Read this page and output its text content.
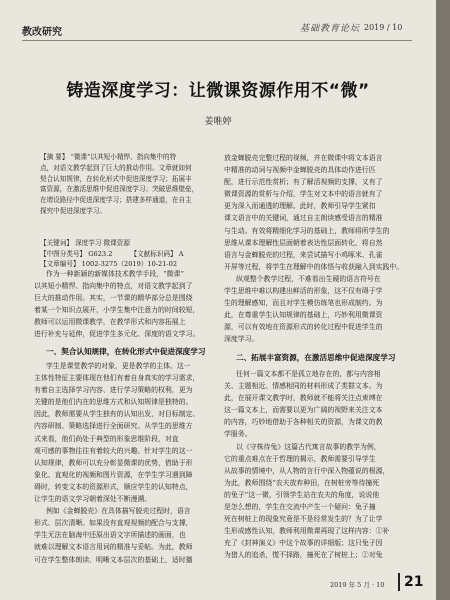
教改研究	基础教育论坛 2019 / 10
铸造深度学习：让微课资源作用不“微”
姜唯婷
【摘 要】 “微课”以其短小精悍、指向集中的特
点，对语文教学起到了巨大的推动作用。文章就如何
契合认知规律，在转化形式中促进深度学习；拓展丰
富资源，在激活思维中促进深度学习；突破思维壁垒，
在增设路径中促进深度学习；搭建多样通道，在自主
探究中促进深度学习。
【关键词】 深度学习 微课资源
【中图分类号】 G623.2	【文献标识码】 A
【文章编号】 1002-3275（2019）10-21-02

作为一种新颖的新媒体技术教学手段，“微课”

以其短小精悍、指向集中的特点，对语文教学起到了

巨大的推动作用。其实，一节课的精华部分总是围绕

着某一个知识点展开，小学生集中注意力的时间较短，

教师可以运用微课教学，在教学形式和内容拓展上

进行补充与延伸，促进学生多元化、深度的语文学习。

一、契合认知规律，在转化形式中促进深度学习

学生是课堂教学的对象，更是教学的主体。这一

主体性特征主要体现在他们有着自身真实的学习需求，

有着自主选择学习内容、进行学习策略的权利，更为

关键的是他们内在的思维方式和认知规律是独特的。

因此，教师需要从学生独有的认知出发，对目标制定、

内容研制、策略选择进行全面研究。从学生的思维方

式来看，他们尚处于典型的形象思维阶段，对直

观可感的事物往往有着较大的兴趣。针对学生的这一

认知规律，教师可以充分彰显微课的优势，借助于形

象化、直观化的视频和图片资源，在学生学习遇到障

碍时，转变文本的资源形式，顺应学生的认知特点，

让学生的语文学习朝着深处不断漫溯。

例如《金蝉脱壳》在具体描写脱壳过程时，语言

形式、层次清晰。如果没有直观视频的配合与支撑，

学生无法在脑海中还原出语文字所描述的画面，也

就难以理解文本语言用词的精准与妥帖。为此，教师

可在学生整体朗读、明晰文本层次的基础上，适时播

放金蝉脱壳完整过程的视频，并在微课中将文本语言

中精准的动词与视频中金蝉脱壳的具体动作进行匹

配，进行示范性赏析；有了解活视频的支撑，又有了

微课资源的赏析与介绍，学生对文本中的语言就有了

更为深入而通透的理解。此时，教师引导学生紧扣

课文语言中的关键词，通过自主朗读感受语言的精准

与生动。有效将精细化学习的基础上，教师将所学生的

思维从课本理解性层面朝着表达性层面转化，将自然

语言与金蝉脱壳的过程，来尝试描写小鸡啄米、孔雀

开屏等过程，将学生在理解中的体悟与收获融入到实践中。

纵观整个教学过程，不难看出生硬的语言符号在

学生思维中难以构建出鲜活的形象，这不仅有碍于学

生的理解感知，而且对学生模仿练笔也形成制约。为

此，在尊重学生认知规律的基础上，巧妙利用微课资

源，可以有效地在资源形式的转化过程中促进学生的

深度学习。

二、拓展丰富资源，在激活思维中促进深度学习

任何一篇文本都不是孤立地存在的，都与内容相

关、主题相近、情感相同的材料形成了类群文本。为

此，在展开课文教学时，教师就不能将关注点束缚在

这一篇文本上，而需要以更为广阔的视野来关注文本

的内容，巧妙地借助于各种相关的资源，为课文的教

学服务。

以《守株待兔》这篇古代寓言故事的教学为例，

它的重点难点在于哲理的揭示，教师需要引导学生

从故事的情境中，从人物的言行中深入物蕴说的根源，

为此，教师围绕“农夫放弃种田，在树桩旁等待撞死

的兔子”这一微，引领学生站在农夫的角度，说说他

是怎么想的，学生在交流中产生一个疑问：兔子撞

死在树桩上的现象究竟是不是经常发生的？为了让学

生形成感性认知，教师利用微课再现了这样内容：①补

充了《封神演义》中这个故事的详细版；这只兔子因

为猎人的追杀，慌不择路，撞死在了树桩上；②对兔

2019 年 5 月 · 10 21
